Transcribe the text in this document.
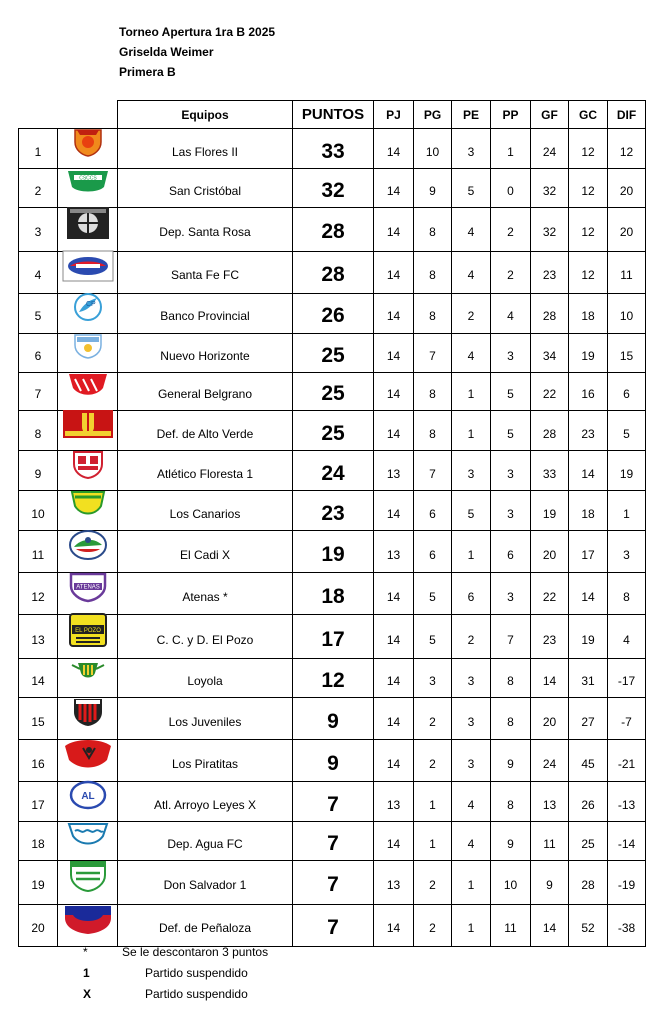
Torneo Apertura 1ra B 2025
Griselda Weimer
Primera B
		Equipos	PUNTOS	PJ	PG	PE	PP	GF	GC	DIF
1		Las Flores II	33	14	10	3	1	24	12	12
2	CSCCS	San Cristóbal	32	14	9	5	0	32	12	20
3		Dep. Santa Rosa	28	14	8	4	2	32	12	20
4		Santa Fe FC	28	14	8	4	2	23	12	11
5	CP	Banco Provincial	26	14	8	2	4	28	18	10
6		Nuevo Horizonte	25	14	7	4	3	34	19	15
7		General Belgrano	25	14	8	1	5	22	16	6
8		Def. de Alto Verde	25	14	8	1	5	28	23	5
9		Atlético Floresta 1	24	13	7	3	3	33	14	19
10		Los Canarios	23	14	6	5	3	19	18	1
11		El Cadi X	19	13	6	1	6	20	17	3
12	ATENAS	Atenas *	18	14	5	6	3	22	14	8
13	EL POZO	C. C. y D. El Pozo	17	14	5	2	7	23	19	4
14		Loyola	12	14	3	3	8	14	31	-17
15		Los Juveniles	9	14	2	3	8	20	27	-7
16		Los Piratitas	9	14	2	3	9	24	45	-21
17	AL	Atl. Arroyo Leyes X	7	13	1	4	8	13	26	-13
18		Dep. Agua FC	7	14	1	4	9	11	25	-14
19		Don Salvador 1	7	13	2	1	10	9	28	-19
20		Def. de Peñaloza	7	14	2	1	11	14	52	-38
*	Se le descontaron 3 puntos
1	Partido suspendido
X	Partido suspendido
